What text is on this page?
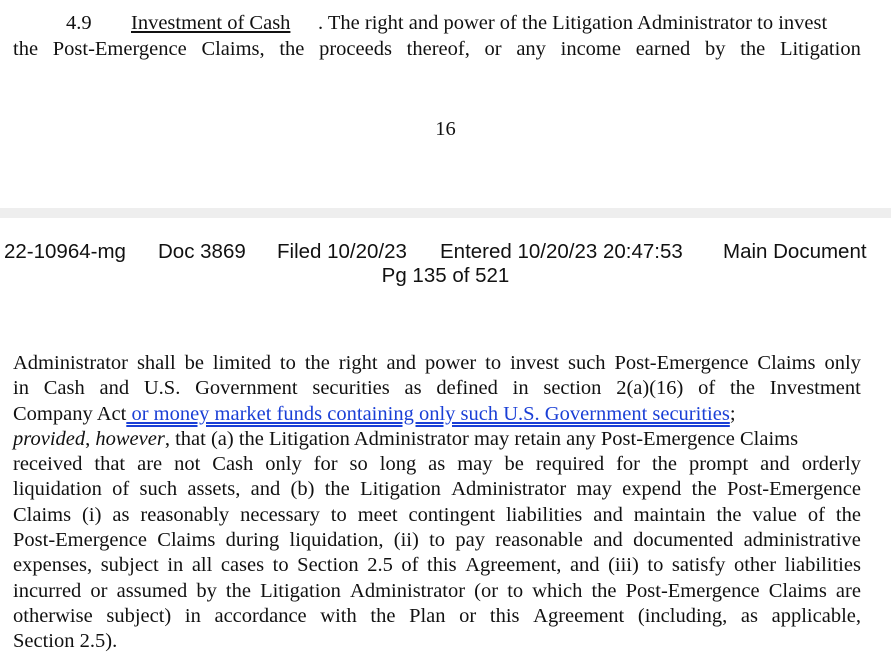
4.9	Investment of Cash	. The right and power of the Litigation Administrator to invest
the Post-Emergence Claims, the proceeds thereof, or any income earned by the Litigation
16
22-10964-mg Doc 3869 Filed 10/20/23 Entered 10/20/23 20:47:53 Main Document
Pg 135 of 521
Administrator shall be limited to the right and power to invest such Post-Emergence Claims only
in Cash and U.S. Government securities as defined in section 2(a)(16) of the Investment
Company Act or money market funds containing only such U.S. Government securities ;
provided , however , that (a) the Litigation Administrator may retain any Post-Emergence Claims
received that are not Cash only for so long as may be required for the prompt and orderly
liquidation of such assets, and (b) the Litigation Administrator may expend the Post-Emergence
Claims (i) as reasonably necessary to meet contingent liabilities and maintain the value of the
Post-Emergence Claims during liquidation, (ii) to pay reasonable and documented administrative
expenses, subject in all cases to Section 2.5 of this Agreement, and (iii) to satisfy other liabilities
incurred or assumed by the Litigation Administrator (or to which the Post-Emergence Claims are
otherwise subject) in accordance with the Plan or this Agreement (including, as applicable,
Section 2.5).
